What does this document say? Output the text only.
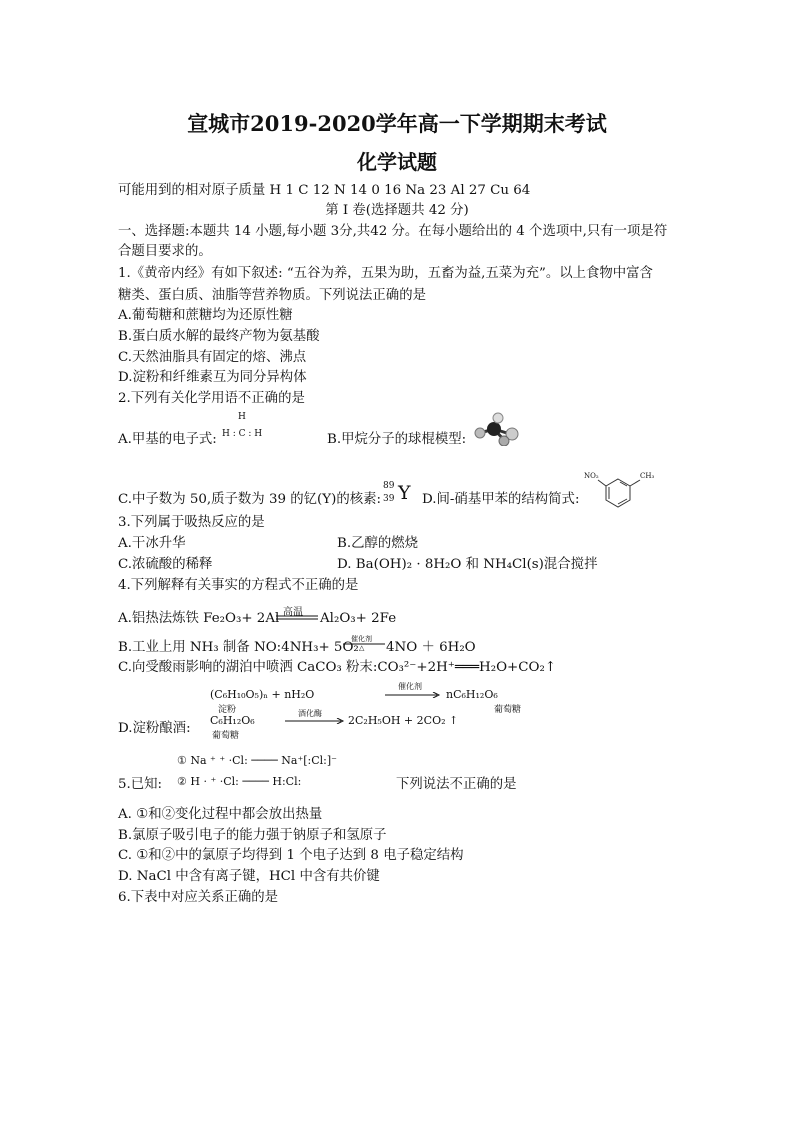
宣城市2019-2020学年高一下学期期末考试
化学试题
可能用到的相对原子质量 H 1 C 12 N 14 0 16 Na 23 Al 27 Cu 64
第 I 卷(选择题共 42 分)
一、选择题:本题共 14 小题,每小题 3分,共42 分。在每小题给出的 4 个选项中,只有一项是符
合题目要求的。
1.《黄帝内经》有如下叙述: “五谷为养，五果为助，五畜为益,五菜为充”。以上食物中富含
糖类、蛋白质、油脂等营养物质。下列说法正确的是
A.葡萄糖和蔗糖均为还原性糖
B.蛋白质水解的最终产物为氨基酸
C.天然油脂具有固定的熔、沸点
D.淀粉和纤维素互为同分异构体
2.下列有关化学用语不正确的是
A.甲基的电子式:
H
H : C : H	B.甲烷分子的球棍模型:
C.中子数为 50,质子数为 39 的钇(Y)的核素:
89
39 Y D.间-硝基甲苯的结构简式:
NO₂	CH₃
3.下列属于吸热反应的是
A.干冰升华	B.乙醇的燃烧
C.浓硫酸的稀释	D. Ba(OH)₂ · 8H₂O 和 NH₄Cl(s)混合搅拌
4.下列解释有关事实的方程式不正确的是
A.铝热法炼铁 Fe₂O₃+ 2Al 高温 Al₂O₃+ 2Fe
B.工业上用 NH₃ 制备 NO:4NH₃+ 5O₂
催化剂
△ 4NO ＋ 6H₂O
C.向受酸雨影响的湖泊中喷洒 CaCO₃ 粉末:CO₃²⁻+2H⁺═══H₂O+CO₂↑
(C₆H₁₀O₅)ₙ + nH₂O
淀粉
催化剂
nC₆H₁₂O₆
葡萄糖
D.淀粉酿酒:
C₆H₁₂O₆
葡萄糖
酒化酶
2C₂H₅OH + 2CO₂ ↑
① Na ⁺ ⁺ ·Cl: ──── Na⁺[:Cl:]⁻
② H · ⁺ ·Cl: ──── H:Cl:
5.已知:	下列说法不正确的是
A. ①和②变化过程中都会放出热量
B.氯原子吸引电子的能力强于钠原子和氢原子
C. ①和②中的氯原子均得到 1 个电子达到 8 电子稳定结构
D. NaCl 中含有离子键，HCl 中含有共价键
6.下表中对应关系正确的是
